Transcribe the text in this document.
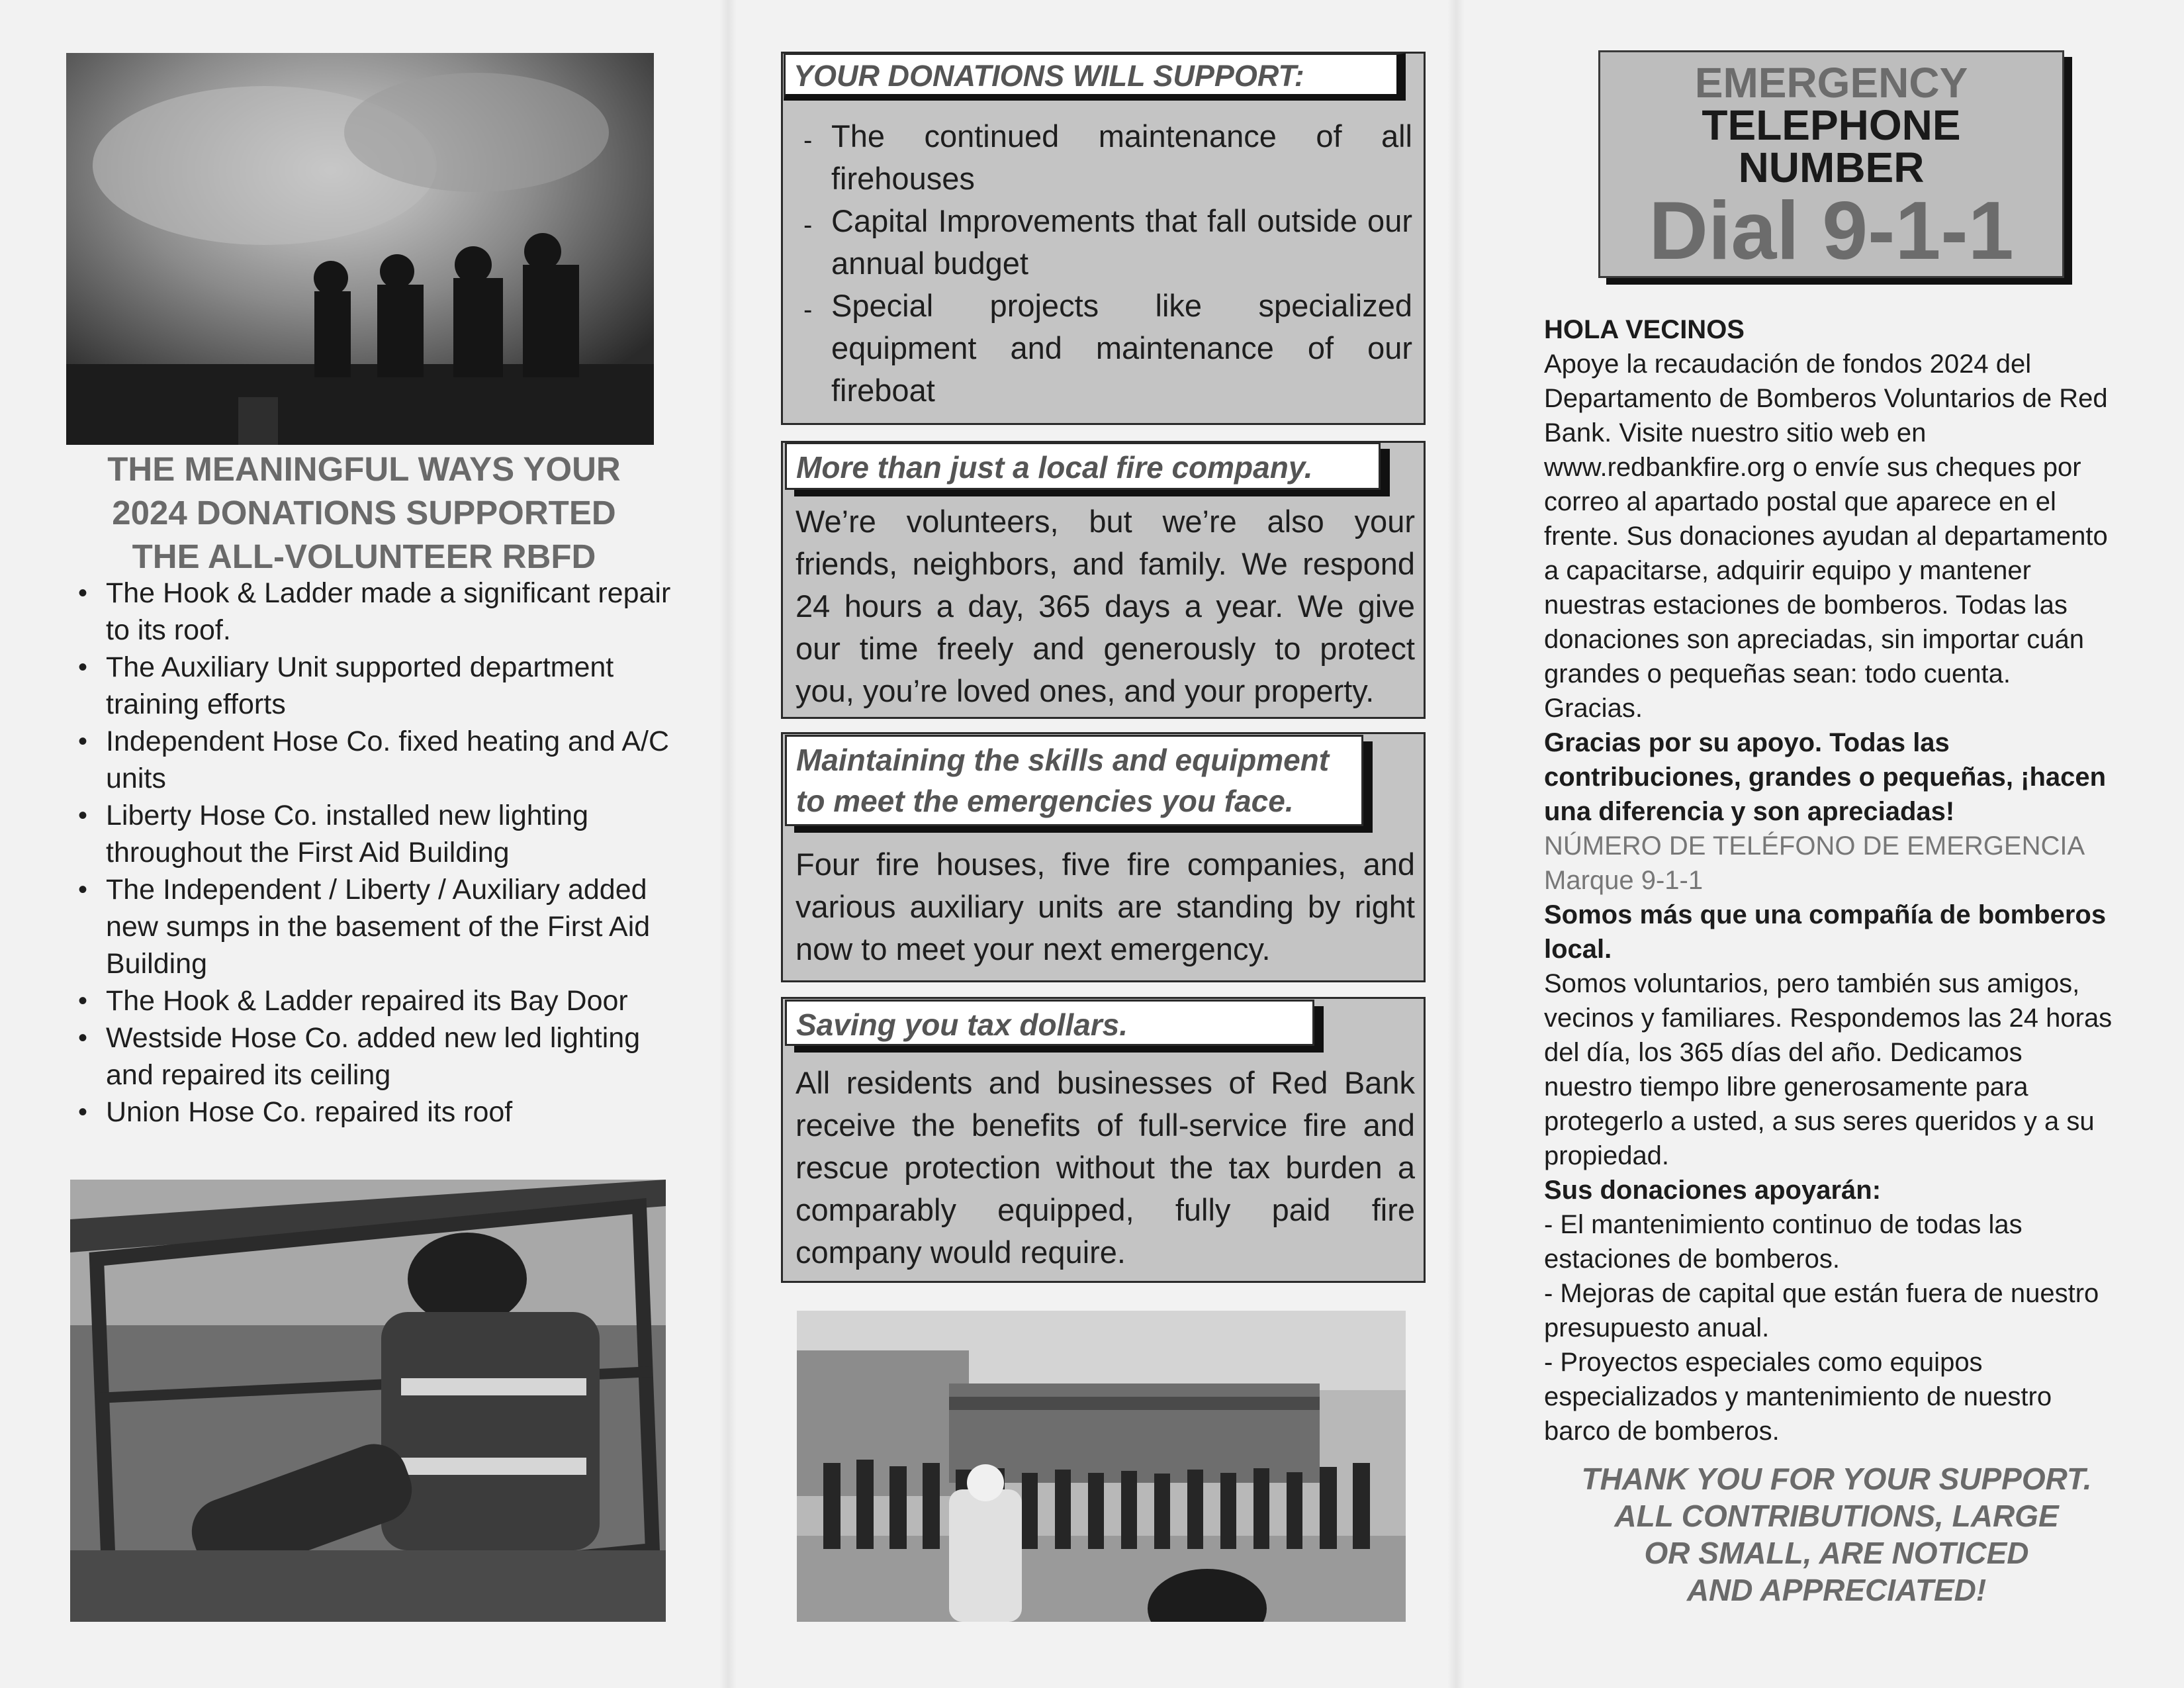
THE MEANINGFUL WAYS YOUR
2024 DONATIONS SUPPORTED
THE ALL-VOLUNTEER RBFD
• The Hook & Ladder made a significant repair to its roof.
• The Auxiliary Unit supported department training efforts
• Independent Hose Co. fixed heating and A/C units
• Liberty Hose Co. installed new lighting throughout the First Aid Building
• The Independent / Liberty / Auxiliary added new sumps in the basement of the First Aid Building
• The Hook & Ladder repaired its Bay Door
• Westside Hose Co. added new led lighting and repaired its ceiling
• Union Hose Co. repaired its roof
YOUR DONATIONS WILL SUPPORT:
- The continued maintenance of all firehouses
- Capital Improvements that fall outside our annual budget
- Special projects like specialized equipment and maintenance of our fireboat
More than just a local fire company.
We’re volunteers, but we’re also your friends, neighbors, and family. We respond 24 hours a day, 365 days a year. We give our time freely and generously to protect you, you’re loved ones, and your property.
Maintaining the skills and equipment
to meet the emergencies you face.
Four fire houses, five fire companies, and various auxiliary units are standing by right now to meet your next emergency.
Saving you tax dollars.
All residents and businesses of Red Bank receive the benefits of full-service fire and rescue protection without the tax burden a comparably equipped, fully paid fire company would require.
EMERGENCY
TELEPHONE
NUMBER
Dial 9-1-1

HOLA VECINOS

Apoye la recaudación de fondos 2024 del Departamento de Bomberos Voluntarios de Red Bank. Visite nuestro sitio web en www.redbankfire.org o envíe sus cheques por correo al apartado postal que aparece en el frente. Sus donaciones ayudan al departamento a capacitarse, adquirir equipo y mantener nuestras estaciones de bomberos. Todas las donaciones son apreciadas, sin importar cuán grandes o pequeñas sean: todo cuenta. Gracias.

Gracias por su apoyo. Todas las contribuciones, grandes o pequeñas, ¡hacen una diferencia y son apreciadas!

NÚMERO DE TELÉFONO DE EMERGENCIA

Marque 9-1-1

Somos más que una compañía de bomberos local.

Somos voluntarios, pero también sus amigos, vecinos y familiares. Respondemos las 24 horas del día, los 365 días del año. Dedicamos nuestro tiempo libre generosamente para protegerlo a usted, a sus seres queridos y a su propiedad.

Sus donaciones apoyarán:

- El mantenimiento continuo de todas las estaciones de bomberos.

- Mejoras de capital que están fuera de nuestro presupuesto anual.

- Proyectos especiales como equipos especializados y mantenimiento de nuestro barco de bomberos.

THANK YOU FOR YOUR SUPPORT.
ALL CONTRIBUTIONS, LARGE
OR SMALL, ARE NOTICED
AND APPRECIATED!
